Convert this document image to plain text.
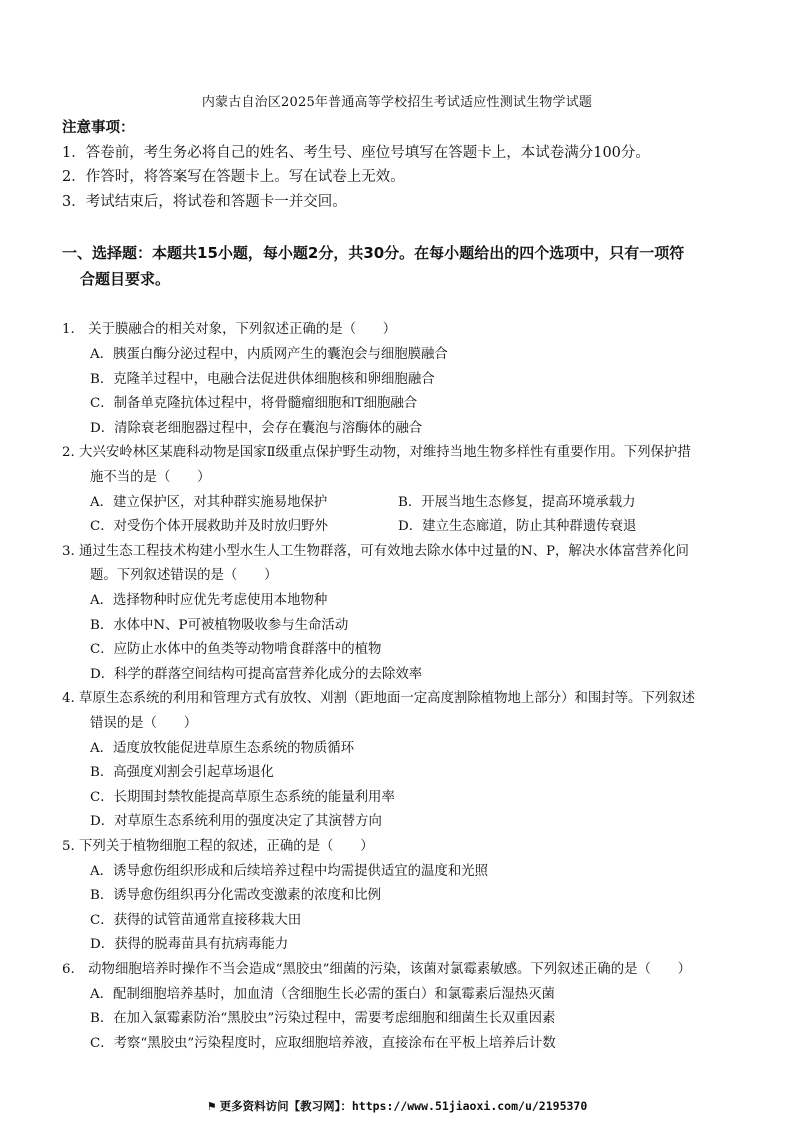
内蒙古自治区2025年普通高等学校招生考试适应性测试生物学试题
注意事项：
1．答卷前，考生务必将自己的姓名、考生号、座位号填写在答题卡上，本试卷满分100分。
2．作答时，将答案写在答题卡上。写在试卷上无效。
3．考试结束后，将试卷和答题卡一并交回。
一、选择题：本题共15小题，每小题2分，共30分。在每小题给出的四个选项中，只有一项符
合题目要求。
1.　关于膜融合的相关对象，下列叙述正确的是（　　）
A．胰蛋白酶分泌过程中，内质网产生的囊泡会与细胞膜融合
B．克隆羊过程中，电融合法促进供体细胞核和卵细胞融合
C．制备单克隆抗体过程中，将骨髓瘤细胞和T细胞融合
D．清除衰老细胞器过程中，会存在囊泡与溶酶体的融合
2. 大兴安岭林区某鹿科动物是国家Ⅱ级重点保护野生动物，对维持当地生物多样性有重要作用。下列保护措
施不当的是（　　）
A．建立保护区，对其种群实施易地保护	B．开展当地生态修复，提高环境承载力
C．对受伤个体开展救助并及时放归野外	D．建立生态廊道，防止其种群遗传衰退
3. 通过生态工程技术构建小型水生人工生物群落，可有效地去除水体中过量的N、P，解决水体富营养化问
题。下列叙述错误的是（　　）
A．选择物种时应优先考虑使用本地物种
B．水体中N、P可被植物吸收参与生命活动
C．应防止水体中的鱼类等动物啃食群落中的植物
D．科学的群落空间结构可提高富营养化成分的去除效率
4. 草原生态系统的利用和管理方式有放牧、刈割（距地面一定高度割除植物地上部分）和围封等。下列叙述
错误的是（　　）
A．适度放牧能促进草原生态系统的物质循环
B．高强度刈割会引起草场退化
C．长期围封禁牧能提高草原生态系统的能量利用率
D．对草原生态系统利用的强度决定了其演替方向
5. 下列关于植物细胞工程的叙述，正确的是（　　）
A．诱导愈伤组织形成和后续培养过程中均需提供适宜的温度和光照
B．诱导愈伤组织再分化需改变激素的浓度和比例
C．获得的试管苗通常直接移栽大田
D．获得的脱毒苗具有抗病毒能力
6.　动物细胞培养时操作不当会造成“黑胶虫”细菌的污染，该菌对氯霉素敏感。下列叙述正确的是（　　）
A．配制细胞培养基时，加血清（含细胞生长必需的蛋白）和氯霉素后湿热灭菌
B．在加入氯霉素防治“黑胶虫”污染过程中，需要考虑细胞和细菌生长双重因素
C．考察“黑胶虫”污染程度时，应取细胞培养液，直接涂布在平板上培养后计数
⚑ 更多资料访问【教习网】：https://www.51jiaoxi.com/u/2195370
